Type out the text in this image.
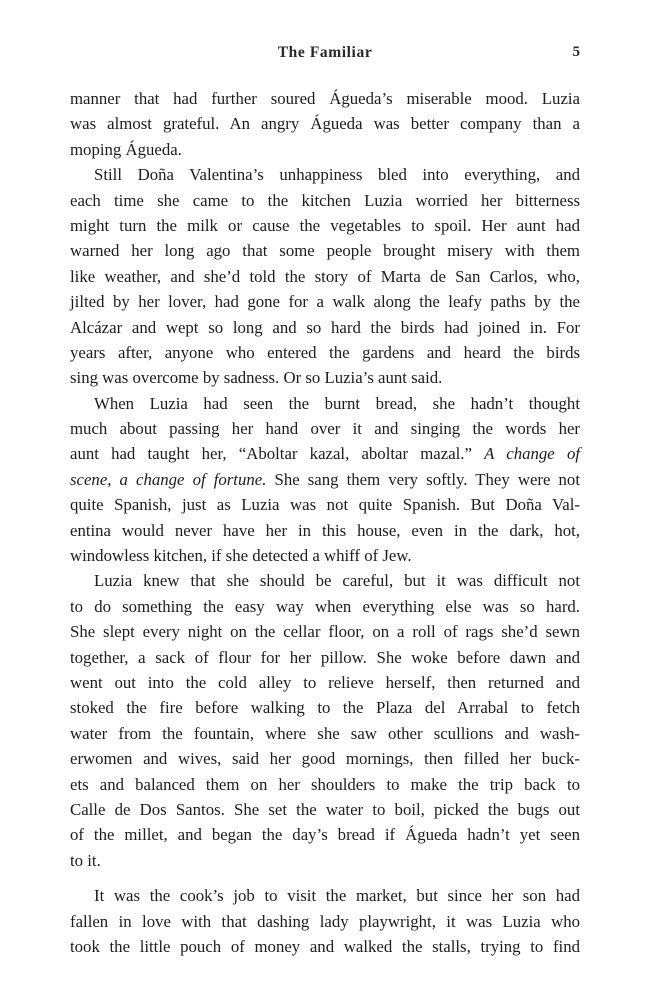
The Familiar	5
manner that had further soured Águeda’s miserable mood. Luzia
was almost grateful. An angry Águeda was better company than a
moping Águeda.
Still Doña Valentina’s unhappiness bled into everything, and
each time she came to the kitchen Luzia worried her bitterness
might turn the milk or cause the vegetables to spoil. Her aunt had
warned her long ago that some people brought misery with them
like weather, and she’d told the story of Marta de San Carlos, who,
jilted by her lover, had gone for a walk along the leafy paths by the
Alcázar and wept so long and so hard the birds had joined in. For
years after, anyone who entered the gardens and heard the birds
sing was overcome by sadness. Or so Luzia’s aunt said.
When Luzia had seen the burnt bread, she hadn’t thought
much about passing her hand over it and singing the words her
aunt had taught her, “Aboltar kazal, aboltar mazal.” A change of
scene, a change of fortune. She sang them very softly. They were not
quite Spanish, just as Luzia was not quite Spanish. But Doña Val-
entina would never have her in this house, even in the dark, hot,
windowless kitchen, if she detected a whiff of Jew.
Luzia knew that she should be careful, but it was difficult not
to do something the easy way when everything else was so hard.
She slept every night on the cellar floor, on a roll of rags she’d sewn
together, a sack of flour for her pillow. She woke before dawn and
went out into the cold alley to relieve herself, then returned and
stoked the fire before walking to the Plaza del Arrabal to fetch
water from the fountain, where she saw other scullions and wash-
erwomen and wives, said her good mornings, then filled her buck-
ets and balanced them on her shoulders to make the trip back to
Calle de Dos Santos. She set the water to boil, picked the bugs out
of the millet, and began the day’s bread if Águeda hadn’t yet seen
to it.
It was the cook’s job to visit the market, but since her son had
fallen in love with that dashing lady playwright, it was Luzia who
took the little pouch of money and walked the stalls, trying to find
